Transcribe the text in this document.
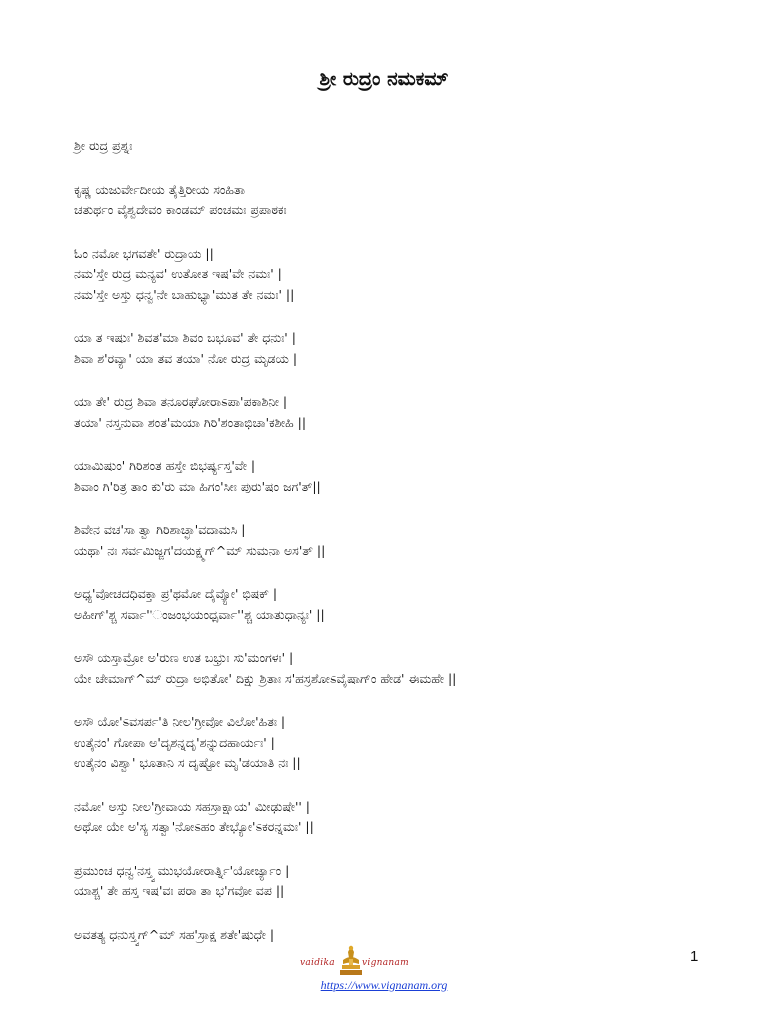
ಶ್ರೀ ರುದ್ರಂ ನಮಕಮ್
ಶ್ರೀ ರುದ್ರ ಪ್ರಶ್ನಃ
ಕೃಷ್ಣ ಯಜುರ್ವೇದೀಯ ತೈತ್ತಿರೀಯ ಸಂಹಿತಾ
ಚತುರ್ಥಂ ವೈಶ್ವದೇವಂ ಕಾಂಡಮ್ ಪಂಚಮಃ ಪ್ರಪಾಠಕಃ
ಓಂ ನಮೋ ಭಗವತೇ' ರುದ್ರಾಯ ||
ನಮ'ಸ್ತೇ ರುದ್ರ ಮನ್ಯವ' ಉತೋತ ಇಷ'ವೇ ನಮಃ' |
ನಮ'ಸ್ತೇ ಅಸ್ತು ಧನ್ವ'ನೇ ಬಾಹುಭ್ಯಾ'ಮುತ ತೇ ನಮಃ' ||
ಯಾ ತ ಇಷುಃ' ಶಿವತ'ಮಾ ಶಿವಂ ಬಭೂವ' ತೇ ಧನುಃ' |
ಶಿವಾ ಶ'ರವ್ಯಾ' ಯಾ ತವ ತಯಾ' ನೋ ರುದ್ರ ಮೃಡಯ |
ಯಾ ತೇ' ರುದ್ರ ಶಿವಾ ತನೂರಘೋರಾಽಪಾ'ಪಕಾಶಿನೀ |
ತಯಾ' ನಸ್ತನುವಾ ಶಂತ'ಮಯಾ ಗಿರಿ'ಶಂತಾಭಿಚಾ'ಕಶೀಹಿ ||
ಯಾಮಿಷುಂ' ಗಿರಿಶಂತ ಹಸ್ತೇ ಬಿಭರ್ಷ್ಯಸ್ತ'ವೇ |
ಶಿವಾಂ ಗಿ'ರಿತ್ರ ತಾಂ ಕು'ರು ಮಾ ಹಿಗಂ'ಸೀಃ ಪುರು'ಷಂ ಜಗ'ತ್||
ಶಿವೇನ ವಚ'ಸಾ ತ್ವಾ ಗಿರಿಶಾಚ್ಛಾ'ವದಾಮಸಿ |
ಯಥಾ' ನಃ ಸರ್ವಮಿಜ್ಜಗ'ದಯಕ್ಷ್ಮಗ್^ಮ್ ಸುಮನಾ ಅಸ'ತ್ ||
ಅಧ್ಯ'ವೋಚದಧಿವಕ್ತಾ ಪ್ರ'ಥಮೋ ದೈವ್ಯೋ' ಭಿಷಕ್ |
ಅಹೀಗ್'ಶ್ಚ ಸರ್ವಾ''ಂಜಂಭಯಂಧ್ಸರ್ವಾ''ಶ್ಚ ಯಾತುಧಾನ್ಯಃ' ||
ಅಸೌ ಯಸ್ತಾಮ್ರೋ ಅ'ರುಣ ಉತ ಬಭ್ರುಃ ಸು'ಮಂಗಳಃ' |
ಯೇ ಚೇಮಾಗ್^ಮ್ ರುದ್ರಾ ಅಭಿತೋ' ದಿಕ್ಷು ಶ್ರಿತಾಃ ಸ'ಹಸ್ರಶೋಽವೈಷಾಗ್ಂ ಹೇಡ' ಈಮಹೇ ||
ಅಸೌ ಯೋ'ಽವಸರ್ಪ'ತಿ ನೀಲ'ಗ್ರೀವೋ ವಿಲೋ'ಹಿತಃ |
ಉತೈನಂ' ಗೋಪಾ ಅ'ದೃಶನ್ನದೃ'ಶನ್ನುದಹಾರ್ಯಃ' |
ಉತೈನಂ ವಿಶ್ವಾ' ಭೂತಾನಿ ಸ ದೃಷ್ಟೋ ಮೃ'ಡಯಾತಿ ನಃ ||
ನಮೋ' ಅಸ್ತು ನೀಲ'ಗ್ರೀವಾಯ ಸಹಸ್ರಾಕ್ಷಾಯ' ಮೀಢುಷೇ'' |
ಅಥೋ ಯೇ ಅ'ಸ್ಯ ಸತ್ವಾ'ನೋಽಹಂ ತೇಭ್ಯೋ'ಽಕರನ್ನಮಃ' ||
ಪ್ರಮುಂಚ ಧನ್ವ'ನಸ್ತ್ವ ಮುಭಯೋರಾರ್ತ್ನಿ'ಯೋರ್ಜ್ಯಾಂ |
ಯಾಶ್ಚ' ತೇ ಹಸ್ತ ಇಷ'ವಃ ಪರಾ ತಾ ಭ'ಗವೋ ವಪ ||
ಅವತತ್ಯ ಧನುಸ್ತ್ವಗ್^ಮ್ ಸಹ'ಸ್ರಾಕ್ಷ ಶತೇ'ಷುಧೇ |
vaidika	vignanam
https://www.vignanam.org
1
